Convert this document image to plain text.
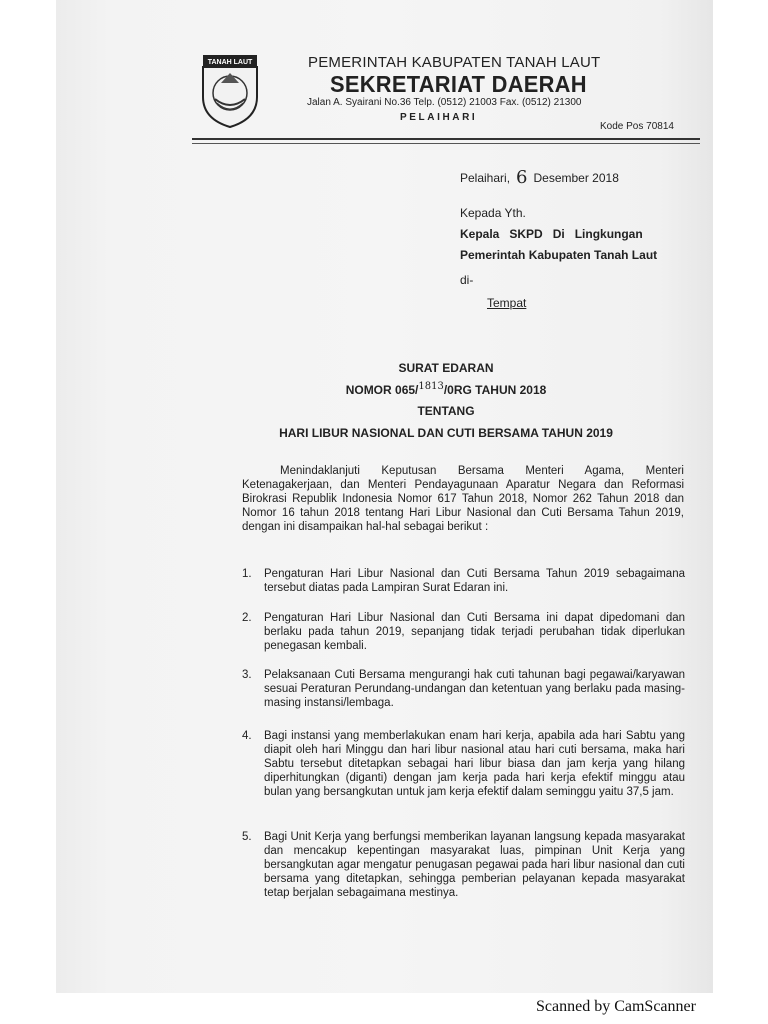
TANAH LAUT	PEMERINTAH KABUPATEN TANAH LAUT
SEKRETARIAT DAERAH
Jalan A. Syairani No.36 Telp. (0512) 21003 Fax. (0512) 21300
PELAIHARI
Kode Pos 70814
Pelaihari, 6 Desember 2018
Kepada Yth.
Kepala   SKPD   Di   Lingkungan
Pemerintah Kabupaten Tanah Laut
di-
Tempat
SURAT EDARAN
NOMOR 065/$^{1813}$/0RG TAHUN 2018
TENTANG
HARI LIBUR NASIONAL DAN CUTI BERSAMA TAHUN 2019
Menindaklanjuti Keputusan Bersama Menteri Agama, Menteri Ketenagakerjaan, dan Menteri Pendayagunaan Aparatur Negara dan Reformasi Birokrasi Republik Indonesia Nomor 617 Tahun 2018, Nomor 262 Tahun 2018 dan Nomor 16 tahun 2018 tentang Hari Libur Nasional dan Cuti Bersama Tahun 2019, dengan ini disampaikan hal-hal sebagai berikut :
1. Pengaturan Hari Libur Nasional dan Cuti Bersama Tahun 2019 sebagaimana tersebut diatas pada Lampiran Surat Edaran ini.
2. Pengaturan Hari Libur Nasional dan Cuti Bersama ini dapat dipedomani dan berlaku pada tahun 2019, sepanjang tidak terjadi perubahan tidak diperlukan penegasan kembali.
3. Pelaksanaan Cuti Bersama mengurangi hak cuti tahunan bagi pegawai/karyawan sesuai Peraturan Perundang-undangan dan ketentuan yang berlaku pada masing-masing instansi/lembaga.
4. Bagi instansi yang memberlakukan enam hari kerja, apabila ada hari Sabtu yang diapit oleh hari Minggu dan hari libur nasional atau hari cuti bersama, maka hari Sabtu tersebut ditetapkan sebagai hari libur biasa dan jam kerja yang hilang diperhitungkan (diganti) dengan jam kerja pada hari kerja efektif minggu atau bulan yang bersangkutan untuk jam kerja efektif dalam seminggu yaitu 37,5 jam.
5. Bagi Unit Kerja yang berfungsi memberikan layanan langsung kepada masyarakat dan mencakup kepentingan masyarakat luas, pimpinan Unit Kerja yang bersangkutan agar mengatur penugasan pegawai pada hari libur nasional dan cuti bersama yang ditetapkan, sehingga pemberian pelayanan kepada masyarakat tetap berjalan sebagaimana mestinya.
Scanned by CamScanner
